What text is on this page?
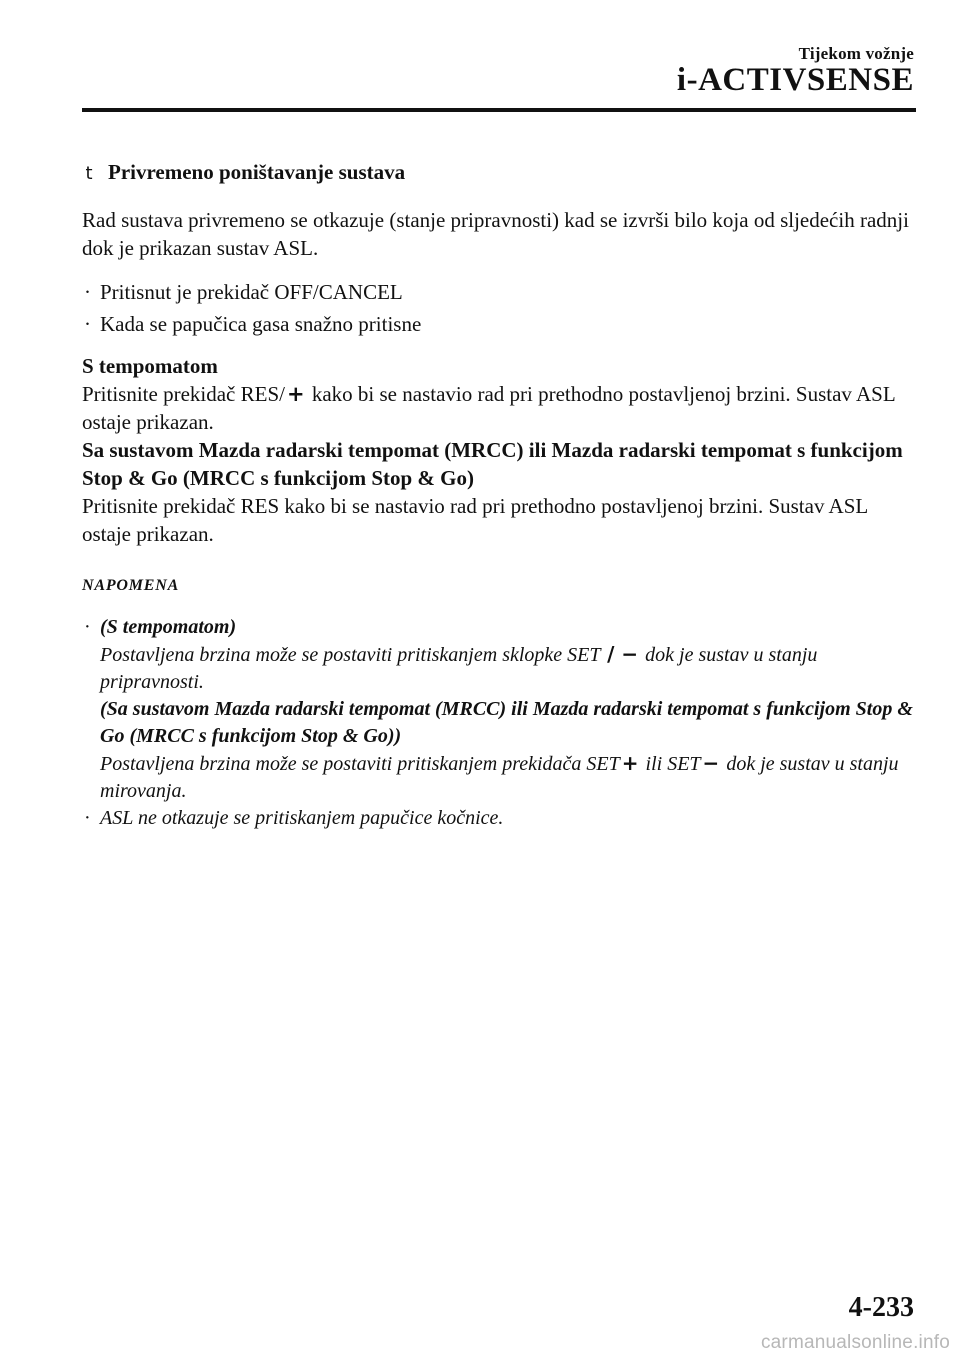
Tijekom vožnje
i-ACTIVSENSE
t Privremeno poništavanje sustava

Rad sustava privremeno se otkazuje (stanje pripravnosti) kad se izvrši bilo koja od sljedećih radnji dok je prikazan sustav ASL.

· Pritisnut je prekidač OFF/CANCEL
· Kada se papučica gasa snažno pritisne

S tempomatom

Pritisnite prekidač RES/+ kako bi se nastavio rad pri prethodno postavljenoj brzini. Sustav ASL ostaje prikazan.

Sa sustavom Mazda radarski tempomat (MRCC) ili Mazda radarski tempomat s funkcijom Stop & Go (MRCC s funkcijom Stop & Go)

Pritisnite prekidač RES kako bi se nastavio rad pri prethodno postavljenoj brzini. Sustav ASL ostaje prikazan.

NAPOMENA
· (S tempomatom)
Postavljena brzina može se postaviti pritiskanjem sklopke SET / − dok je sustav u stanju pripravnosti.
(Sa sustavom Mazda radarski tempomat (MRCC) ili Mazda radarski tempomat s funkcijom Stop & Go (MRCC s funkcijom Stop & Go))
Postavljena brzina može se postaviti pritiskanjem prekidača SET + ili SET − dok je sustav u stanju mirovanja.
· ASL ne otkazuje se pritiskanjem papučice kočnice.
4-233
carmanualsonline.info
